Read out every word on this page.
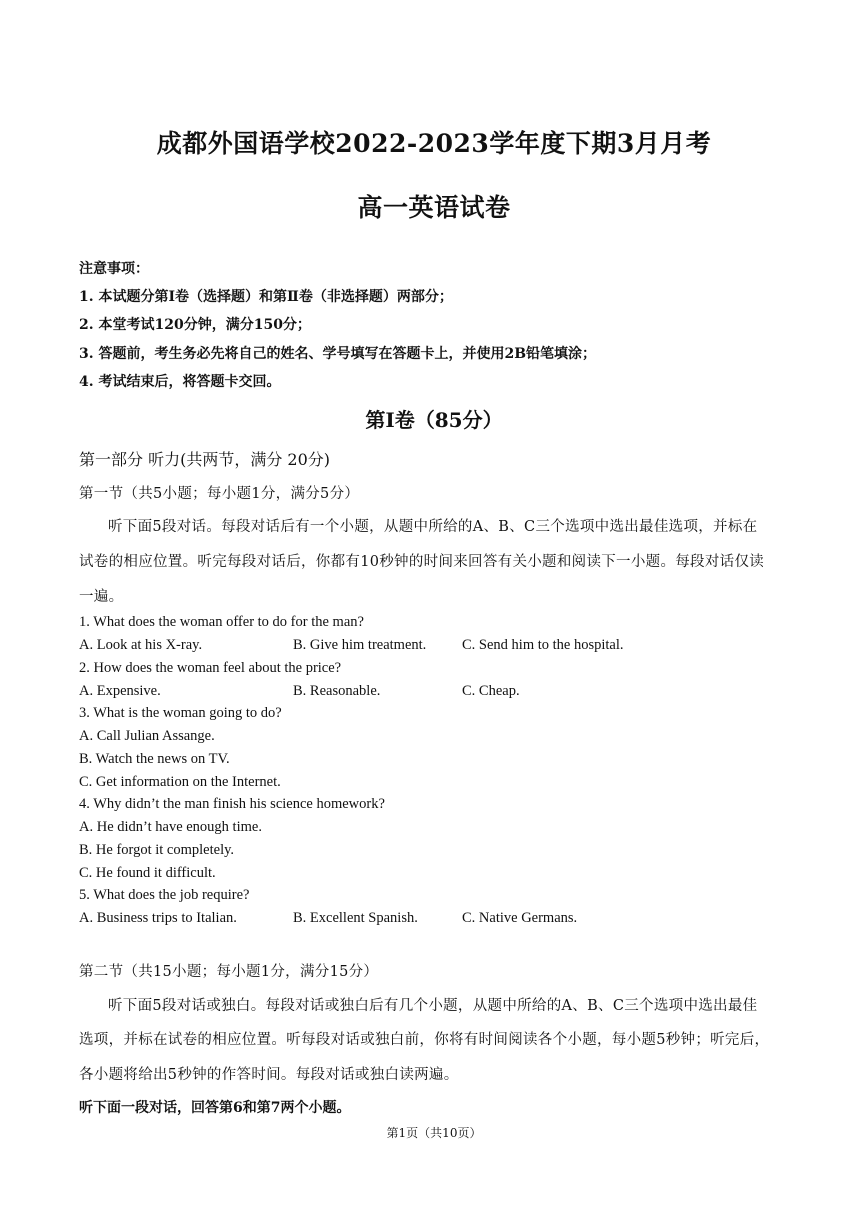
成都外国语学校2022-2023学年度下期3月月考
高一英语试卷
注意事项：
1. 本试题分第Ⅰ卷（选择题）和第Ⅱ卷（非选择题）两部分；
2. 本堂考试120分钟，满分150分；
3. 答题前，考生务必先将自己的姓名、学号填写在答题卡上，并使用2B铅笔填涂；
4. 考试结束后，将答题卡交回。
第Ⅰ卷（85分）
第一部分 听力(共两节，满分 20分)
第一节（共5小题；每小题1分，满分5分）
听下面5段对话。每段对话后有一个小题，从题中所给的A、B、C三个选项中选出最佳选项，并标在
试卷的相应位置。听完每段对话后，你都有10秒钟的时间来回答有关小题和阅读下一小题。每段对话仅读
一遍。
1. What does the woman offer to do for the man?
A. Look at his X-ray.	B. Give him treatment. C. Send him to the hospital.
2. How does the woman feel about the price?
A. Expensive.	B. Reasonable.	C. Cheap.
3. What is the woman going to do?
A. Call Julian Assange.
B. Watch the news on TV.
C. Get information on the Internet.
4. Why didn’t the man finish his science homework?
A. He didn’t have enough time.
B. He forgot it completely.
C. He found it difficult.
5. What does the job require?
A. Business trips to Italian.	B. Excellent Spanish.	C. Native Germans.
第二节（共15小题；每小题1分，满分15分）
听下面5段对话或独白。每段对话或独白后有几个小题，从题中所给的A、B、C三个选项中选出最佳
选项，并标在试卷的相应位置。听每段对话或独白前，你将有时间阅读各个小题，每小题5秒钟；听完后，
各小题将给出5秒钟的作答时间。每段对话或独白读两遍。
听下面一段对话，回答第6和第7两个小题。
第1页（共10页）
